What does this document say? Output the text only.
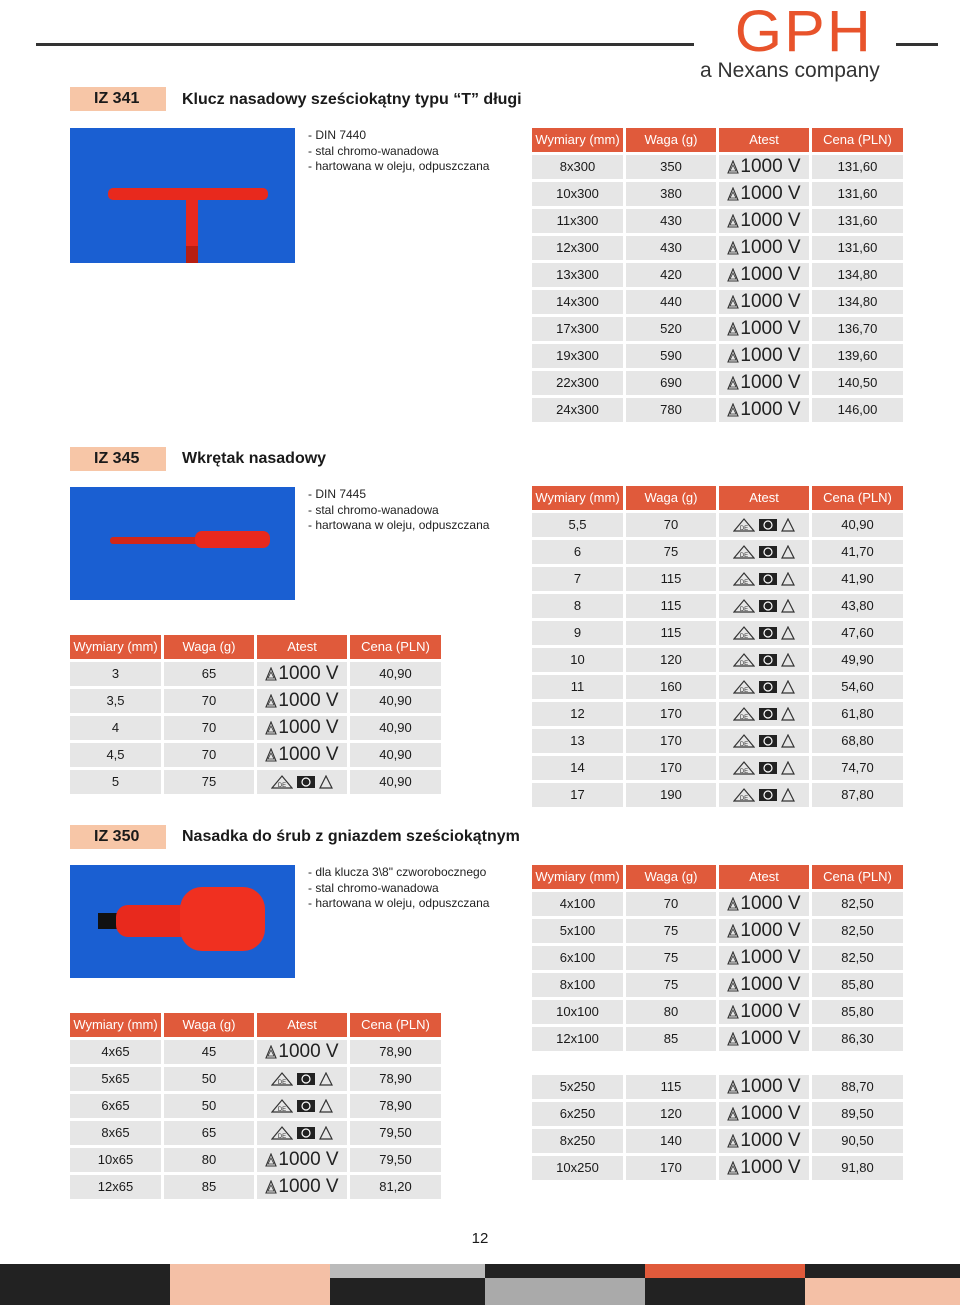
GPH
a Nexans company
IZ 341	Klucz nasadowy sześciokątny typu “T” długi
- DIN 7440
- stal chromo-wanadowa
- hartowana w oleju, odpuszczana
Wymiary (mm)	Waga (g)	Atest	Cena (PLN)
8x300	350	1000 V	131,60
10x300	380	1000 V	131,60
11x300	430	1000 V	131,60
12x300	430	1000 V	131,60
13x300	420	1000 V	134,80
14x300	440	1000 V	134,80
17x300	520	1000 V	136,70
19x300	590	1000 V	139,60
22x300	690	1000 V	140,50
24x300	780	1000 V	146,00
IZ 345	Wkrętak nasadowy
- DIN 7445
- stal chromo-wanadowa
- hartowana w oleju, odpuszczana
Wymiary (mm)	Waga (g)	Atest	Cena (PLN)
3	65	1000 V	40,90
3,5	70	1000 V	40,90
4	70	1000 V	40,90
4,5	70	1000 V	40,90
5	75	DE	40,90
Wymiary (mm)	Waga (g)	Atest	Cena (PLN)
5,5	70	DE	40,90
6	75	DE	41,70
7	115	DE	41,90
8	115	DE	43,80
9	115	DE	47,60
10	120	DE	49,90
11	160	DE	54,60
12	170	DE	61,80
13	170	DE	68,80
14	170	DE	74,70
17	190	DE	87,80
IZ 350	Nasadka do śrub z gniazdem sześciokątnym
- dla klucza 3\8" czworobocznego
- stal chromo-wanadowa
- hartowana w oleju, odpuszczana
Wymiary (mm)	Waga (g)	Atest	Cena (PLN)
4x65	45	1000 V	78,90
5x65	50	DE	78,90
6x65	50	DE	78,90
8x65	65	DE	79,50
10x65	80	1000 V	79,50
12x65	85	1000 V	81,20
Wymiary (mm)	Waga (g)	Atest	Cena (PLN)
4x100	70	1000 V	82,50
5x100	75	1000 V	82,50
6x100	75	1000 V	82,50
8x100	75	1000 V	85,80
10x100	80	1000 V	85,80
12x100	85	1000 V	86,30
5x250	115	1000 V	88,70
6x250	120	1000 V	89,50
8x250	140	1000 V	90,50
10x250	170	1000 V	91,80
12
